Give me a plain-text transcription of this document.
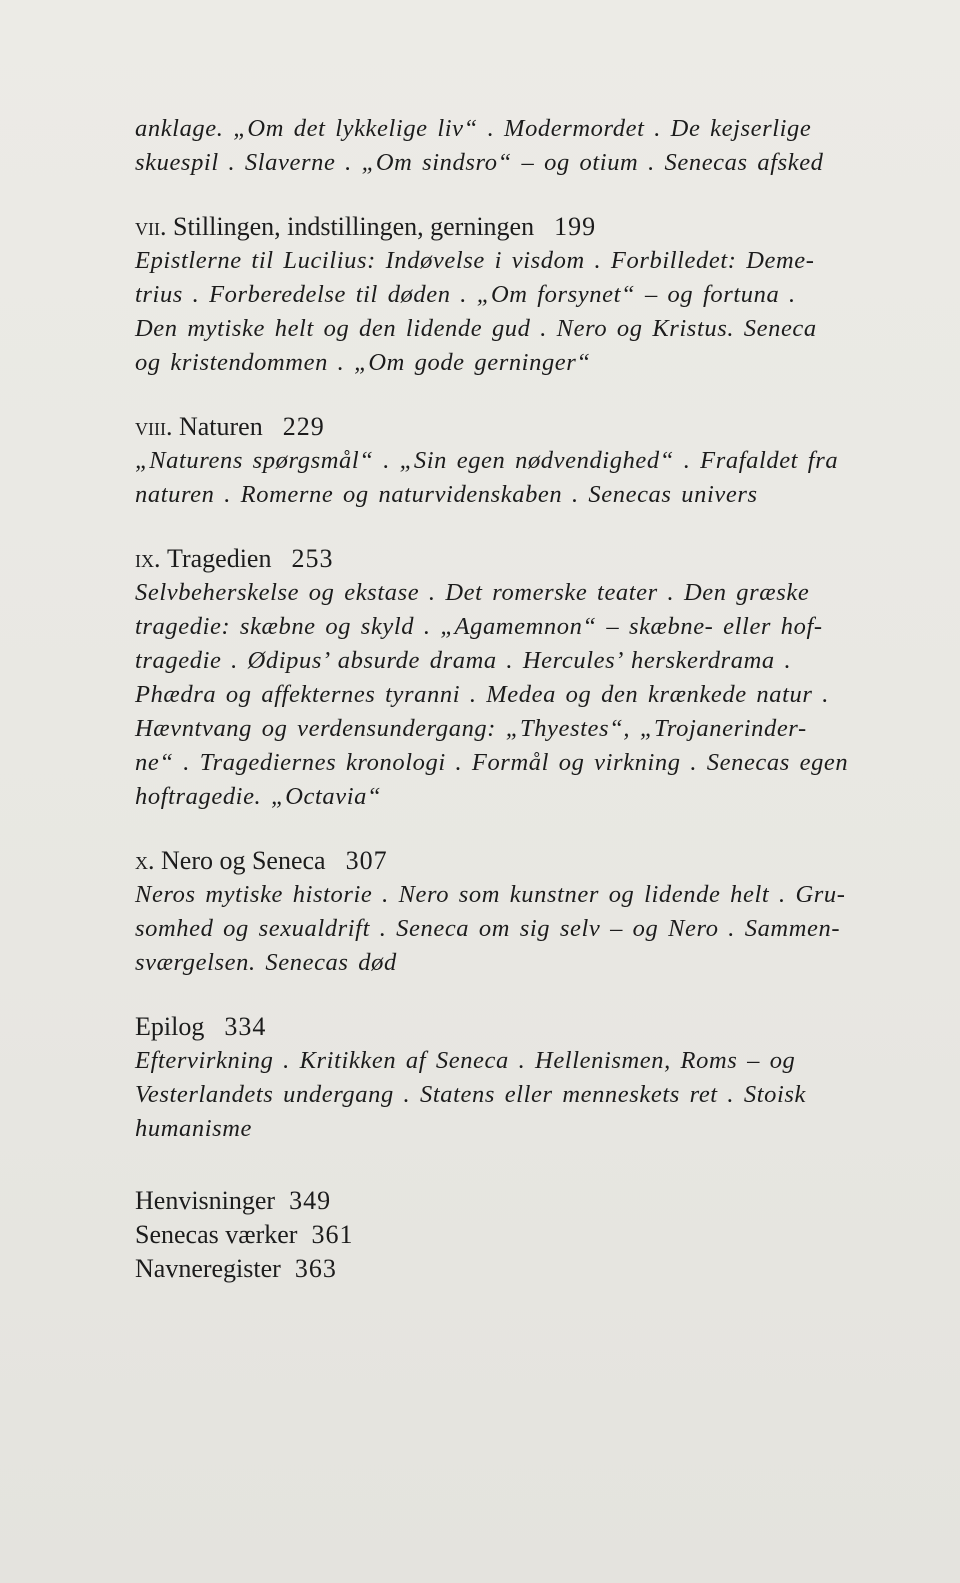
anklage. „Om det lykkelige liv“ . Modermordet . De kejserlige
skuespil . Slaverne . „Om sindsro“ – og otium . Senecas afsked

vii.
Stillingen, indstillingen, gerningen 199

Epistlerne til Lucilius: Indøvelse i visdom . Forbilledet: Deme-
trius . Forberedelse til døden . „Om forsynet“ – og fortuna .
Den mytiske helt og den lidende gud . Nero og Kristus. Seneca
og kristendommen . „Om gode gerninger“

viii.
Naturen 229

„Naturens spørgsmål“ . „Sin egen nødvendighed“ . Frafaldet fra
naturen . Romerne og naturvidenskaben . Senecas univers

ix.
Tragedien 253

Selvbeherskelse og ekstase . Det romerske teater . Den græske
tragedie: skæbne og skyld . „Agamemnon“ – skæbne- eller hof-
tragedie . Ødipus’ absurde drama . Hercules’ herskerdrama .
Phædra og affekternes tyranni . Medea og den krænkede natur .
Hævntvang og verdensundergang: „Thyestes“, „Trojanerinder-
ne“ . Tragediernes kronologi . Formål og virkning . Senecas egen
hoftragedie. „Octavia“

x.
Nero og Seneca 307

Neros mytiske historie . Nero som kunstner og lidende helt . Gru-
somhed og sexualdrift . Seneca om sig selv – og Nero . Sammen-
sværgelsen. Senecas død

Epilog 334

Eftervirkning . Kritikken af Seneca . Hellenismen, Roms – og
Vesterlandets undergang . Statens eller menneskets ret . Stoisk
humanisme

Henvisninger 349
Senecas værker 361
Navneregister 363
